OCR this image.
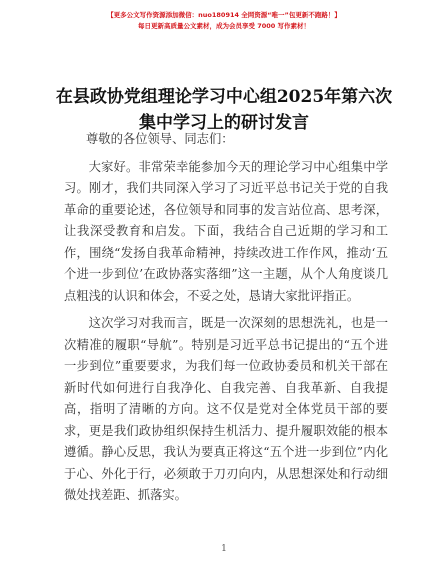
【更多公文写作资源添加微信：nuo180914 全网资源“唯一”包更新不跑路！】
每日更新高质量公文素材，成为会员享受 7000 写作素材！
在县政协党组理论学习中心组2025年第六次集中学习上的研讨发言

尊敬的各位领导、同志们：

大家好。非常荣幸能参加今天的理论学习中心组集中学习。刚才，我们共同深入学习了习近平总书记关于党的自我革命的重要论述，各位领导和同事的发言站位高、思考深，让我深受教育和启发。下面，我结合自己近期的学习和工作，围绕“发扬自我革命精神，持续改进工作作风，推动‘五个进一步到位’在政协落实落细”这一主题，从个人角度谈几点粗浅的认识和体会，不妥之处，恳请大家批评指正。

这次学习对我而言，既是一次深刻的思想洗礼，也是一次精准的履职“导航”。特别是习近平总书记提出的“五个进一步到位”重要要求，为我们每一位政协委员和机关干部在新时代如何进行自我净化、自我完善、自我革新、自我提高，指明了清晰的方向。这不仅是党对全体党员干部的要求，更是我们政协组织保持生机活力、提升履职效能的根本遵循。静心反思，我认为要真正将这“五个进一步到位”内化于心、外化于行，必须敢于刀刃向内，从思想深处和行动细微处找差距、抓落实。

1
